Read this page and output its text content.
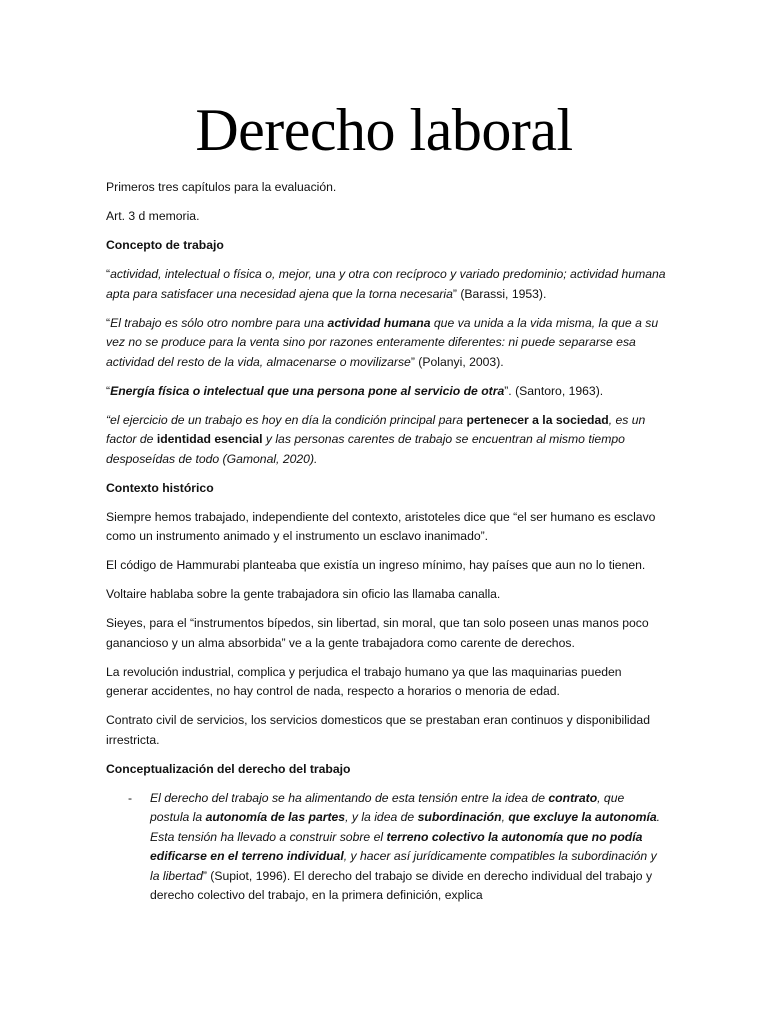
Derecho laboral

Primeros tres capítulos para la evaluación.

Art. 3 d memoria.

Concepto de trabajo

“actividad, intelectual o física o, mejor, una y otra con recíproco y variado predominio; actividad humana apta para satisfacer una necesidad ajena que la torna necesaria” (Barassi, 1953).

“El trabajo es sólo otro nombre para una actividad humana que va unida a la vida misma, la que a su vez no se produce para la venta sino por razones enteramente diferentes: ni puede separarse esa actividad del resto de la vida, almacenarse o movilizarse” (Polanyi, 2003).

“Energía física o intelectual que una persona pone al servicio de otra”. (Santoro, 1963).

“el ejercicio de un trabajo es hoy en día la condición principal para pertenecer a la sociedad, es un factor de identidad esencial y las personas carentes de trabajo se encuentran al mismo tiempo desposeídas de todo (Gamonal, 2020).

Contexto histórico

Siempre hemos trabajado, independiente del contexto, aristoteles dice que “el ser humano es esclavo como un instrumento animado y el instrumento un esclavo inanimado”.

El código de Hammurabi planteaba que existía un ingreso mínimo, hay países que aun no lo tienen.

Voltaire hablaba sobre la gente trabajadora sin oficio las llamaba canalla.

Sieyes, para el “instrumentos bípedos, sin libertad, sin moral, que tan solo poseen unas manos poco ganancioso y un alma absorbida” ve a la gente trabajadora como carente de derechos.

La revolución industrial, complica y perjudica el trabajo humano ya que las maquinarias pueden generar accidentes, no hay control de nada, respecto a horarios o menoria de edad.

Contrato civil de servicios, los servicios domesticos que se prestaban eran continuos y disponibilidad irrestricta.

Conceptualización del derecho del trabajo

- El derecho del trabajo se ha alimentando de esta tensión entre la idea de contrato, que postula la autonomía de las partes, y la idea de subordinación, que excluye la autonomía. Esta tensión ha llevado a construir sobre el terreno colectivo la autonomía que no podía edificarse en el terreno individual, y hacer así jurídicamente compatibles la subordinación y la libertad” (Supiot, 1996). El derecho del trabajo se divide en derecho individual del trabajo y derecho colectivo del trabajo, en la primera definición, explica
